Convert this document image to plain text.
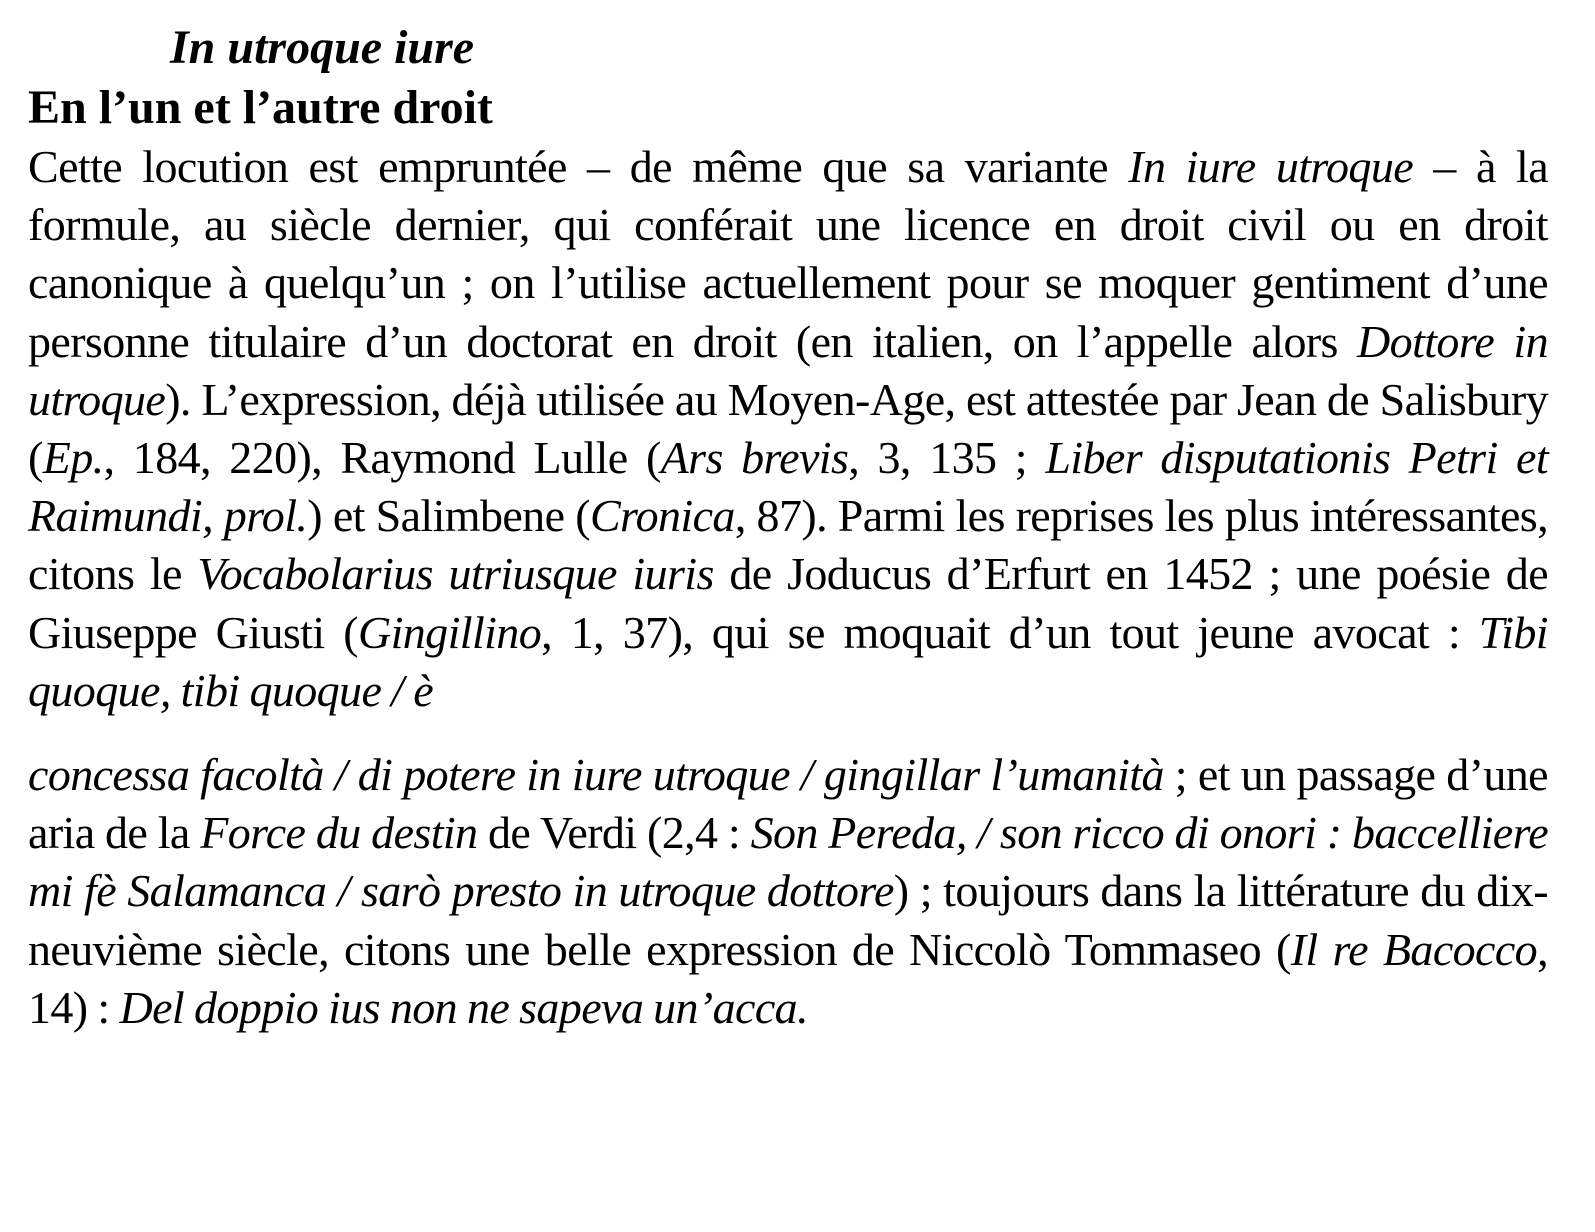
In utroque iure
En l’un et l’autre droit

Cette locution est empruntée – de même que sa variante In iure utroque – à la formule, au siècle dernier, qui conférait une licence en droit civil ou en droit canonique à quelqu’un ; on l’utilise actuellement pour se moquer gentiment d’une personne titulaire d’un doctorat en droit (en italien, on l’appelle alors Dottore in utroque). L’expression, déjà utilisée au Moyen-Age, est attestée par Jean de Salisbury (Ep., 184, 220), Raymond Lulle (Ars brevis, 3, 135 ; Liber disputationis Petri et Raimundi, prol.) et Salimbene (Cronica, 87). Parmi les reprises les plus intéressantes, citons le Vocabolarius utriusque iuris de Joducus d’Erfurt en 1452 ; une poésie de Giuseppe Giusti (Gingillino, 1, 37), qui se moquait d’un tout jeune avocat : Tibi quoque, tibi quoque / è

concessa facoltà / di potere in iure utroque / gingillar l’umanità ; et un passage d’une aria de la Force du destin de Verdi (2,4 : Son Pereda, / son ricco di onori : baccelliere mi fè Salamanca / sarò presto in utroque dottore) ; toujours dans la littérature du dix-neuvième siècle, citons une belle expression de Niccolò Tommaseo (Il re Bacocco, 14) : Del doppio ius non ne sapeva un’acca.
